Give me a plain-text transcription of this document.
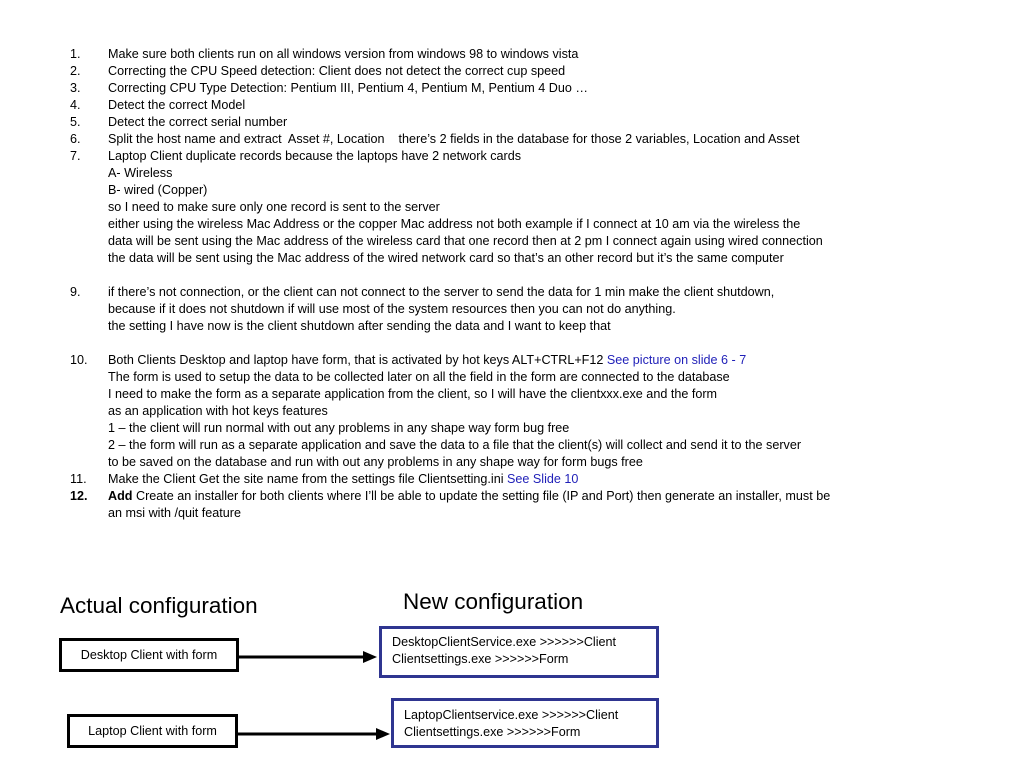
1. Make sure both clients run on all windows version from windows 98 to windows vista
2. Correcting the CPU Speed detection: Client does not detect the correct cup speed
3. Correcting CPU Type Detection: Pentium III, Pentium 4, Pentium M, Pentium 4 Duo …
4. Detect the correct Model
5. Detect the correct serial number
6. Split the host name and extract  Asset #, Location    there’s 2 fields in the database for those 2 variables, Location and Asset
7. Laptop Client duplicate records because the laptops have 2 network cards
A- Wireless
B- wired (Copper)
so I need to make sure only one record is sent to the server
either using the wireless Mac Address or the copper Mac address not both example if I connect at 10 am via the wireless the
data will be sent using the Mac address of the wireless card that one record then at 2 pm I connect again using wired connection
the data will be sent using the Mac address of the wired network card so that’s an other record but it’s the same computer
9. if there’s not connection, or the client can not connect to the server to send the data for 1 min make the client shutdown,
because if it does not shutdown if will use most of the system resources then you can not do anything.
the setting I have now is the client shutdown after sending the data and I want to keep that
10. Both Clients Desktop and laptop have form, that is activated by hot keys ALT+CTRL+F12 See picture on slide 6 - 7
The form is used to setup the data to be collected later on all the field in the form are connected to the database
I need to make the form as a separate application from the client, so I will have the clientxxx.exe and the form
as an application with hot keys features
1 – the client will run normal with out any problems in any shape way form bug free
2 – the form will run as a separate application and save the data to a file that the client(s) will collect and send it to the server
to be saved on the database and run with out any problems in any shape way for form bugs free
11. Make the Client Get the site name from the settings file Clientsetting.ini See Slide 10
12. Add Create an installer for both clients where I’ll be able to update the setting file (IP and Port) then generate an installer, must be
an msi with /quit feature
Actual configuration	New configuration
Desktop Client with form
Laptop Client with form
DesktopClientService.exe >>>>>>Client
Clientsettings.exe >>>>>>Form
LaptopClientservice.exe >>>>>>Client
Clientsettings.exe >>>>>>Form
